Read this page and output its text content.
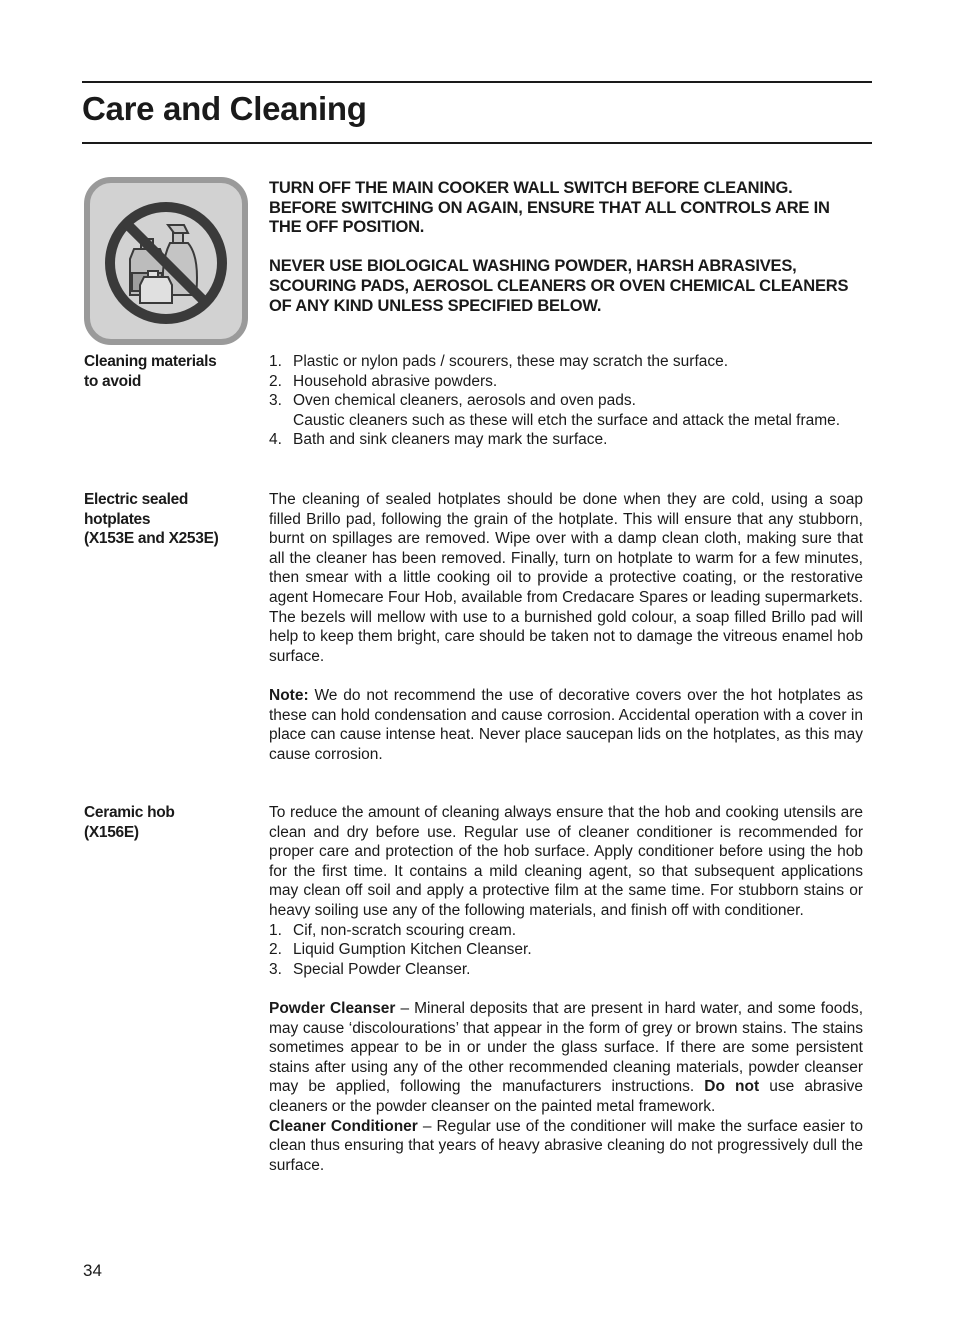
Care and Cleaning

TURN OFF THE MAIN COOKER WALL SWITCH BEFORE CLEANING. BEFORE SWITCHING ON AGAIN, ENSURE THAT ALL CONTROLS ARE IN THE OFF POSITION.

NEVER USE BIOLOGICAL WASHING POWDER, HARSH ABRASIVES, SCOURING PADS, AEROSOL CLEANERS OR OVEN CHEMICAL CLEANERS OF ANY KIND UNLESS SPECIFIED BELOW.

Cleaning materials
to avoid
1. Plastic or nylon pads / scourers, these may scratch the surface.
2. Household abrasive powders.
3. Oven chemical cleaners, aerosols and oven pads.
Caustic cleaners such as these will etch the surface and attack the metal frame.
4. Bath and sink cleaners may mark the surface.
Electric sealed
hotplates
(X153E and X253E)

The cleaning of sealed hotplates should be done when they are cold, using a soap filled Brillo pad, following the grain of the hotplate. This will ensure that any stubborn, burnt on spillages are removed. Wipe over with a damp clean cloth, making sure that all the cleaner has been removed. Finally, turn on hotplate to warm for a few minutes, then smear with a little cooking oil to provide a protective coating, or the restorative agent Homecare Four Hob, available from Credacare Spares or leading supermarkets. The bezels will mellow with use to a burnished gold colour, a soap filled Brillo pad will help to keep them bright, care should be taken not to damage the vitreous enamel hob surface.

Note: We do not recommend the use of decorative covers over the hot hotplates as these can hold condensation and cause corrosion. Accidental operation with a cover in place can cause intense heat. Never place saucepan lids on the hotplates, as this may cause corrosion.

Ceramic hob
(X156E)

To reduce the amount of cleaning always ensure that the hob and cooking utensils are clean and dry before use. Regular use of cleaner conditioner is recommended for proper care and protection of the hob surface. Apply conditioner before using the hob for the first time. It contains a mild cleaning agent, so that subsequent applications may clean off soil and apply a protective film at the same time. For stubborn stains or heavy soiling use any of the following materials, and finish off with conditioner.

1. Cif, non-scratch scouring cream.
2. Liquid Gumption Kitchen Cleanser.
3. Special Powder Cleanser.

Powder Cleanser – Mineral deposits that are present in hard water, and some foods, may cause ‘discolourations’ that appear in the form of grey or brown stains. The stains sometimes appear to be in or under the glass surface. If there are some persistent stains after using any of the other recommended cleaning materials, powder cleanser may be applied, following the manufacturers instructions. Do not use abrasive cleaners or the powder cleanser on the painted metal framework.

Cleaner Conditioner – Regular use of the conditioner will make the surface easier to clean thus ensuring that years of heavy abrasive cleaning do not progressively dull the surface.

34
